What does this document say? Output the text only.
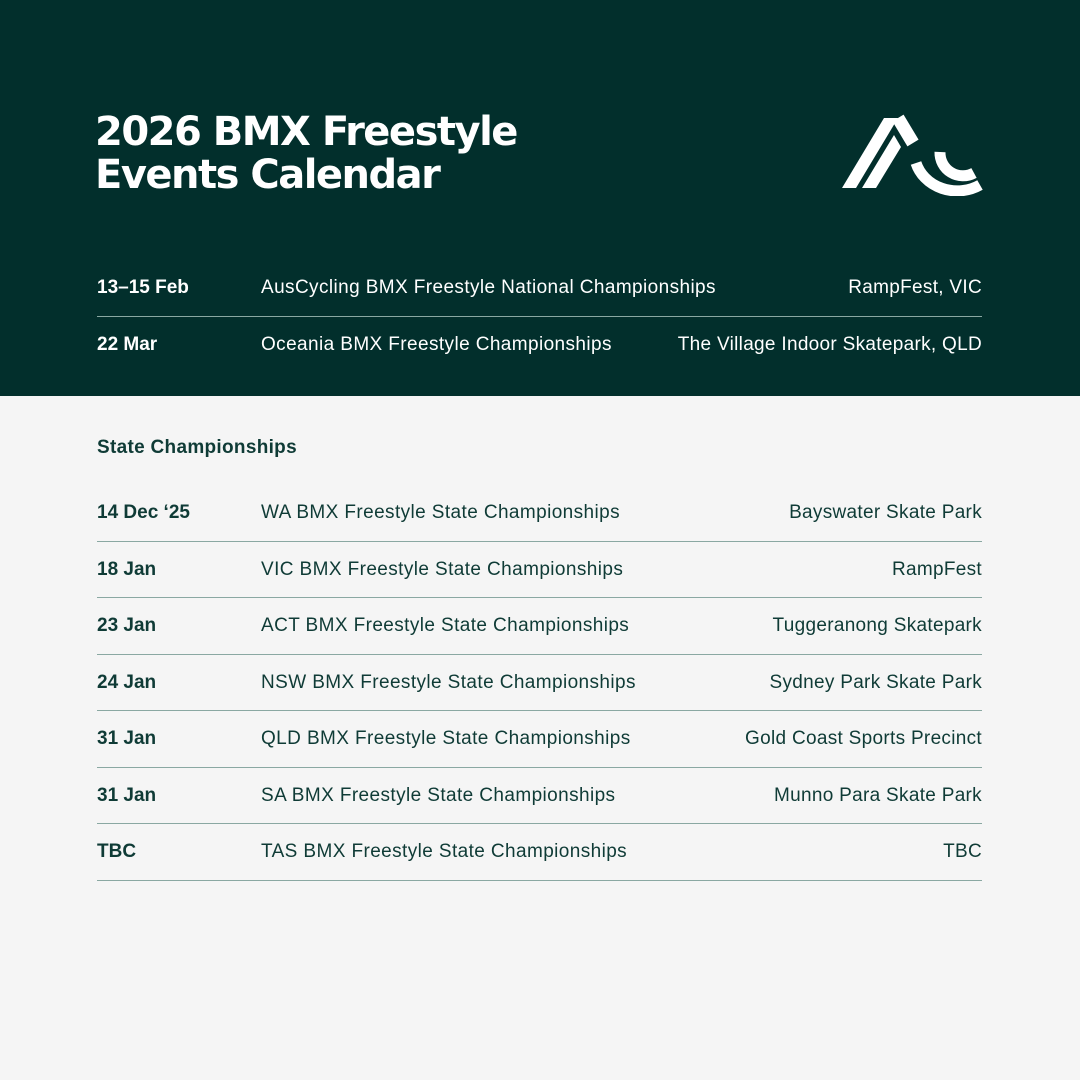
2026 BMX Freestyle
Events Calendar
13–15 Feb	AusCycling BMX Freestyle National Championships	RampFest, VIC
22 Mar	Oceania BMX Freestyle Championships	The Village Indoor Skatepark, QLD
State Championships
14 Dec ‘25	WA BMX Freestyle State Championships	Bayswater Skate Park
18 Jan	VIC BMX Freestyle State Championships	RampFest
23 Jan	ACT BMX Freestyle State Championships	Tuggeranong Skatepark
24 Jan	NSW BMX Freestyle State Championships	Sydney Park Skate Park
31 Jan	QLD BMX Freestyle State Championships	Gold Coast Sports Precinct
31 Jan	SA BMX Freestyle State Championships	Munno Para Skate Park
TBC	TAS BMX Freestyle State Championships	TBC
